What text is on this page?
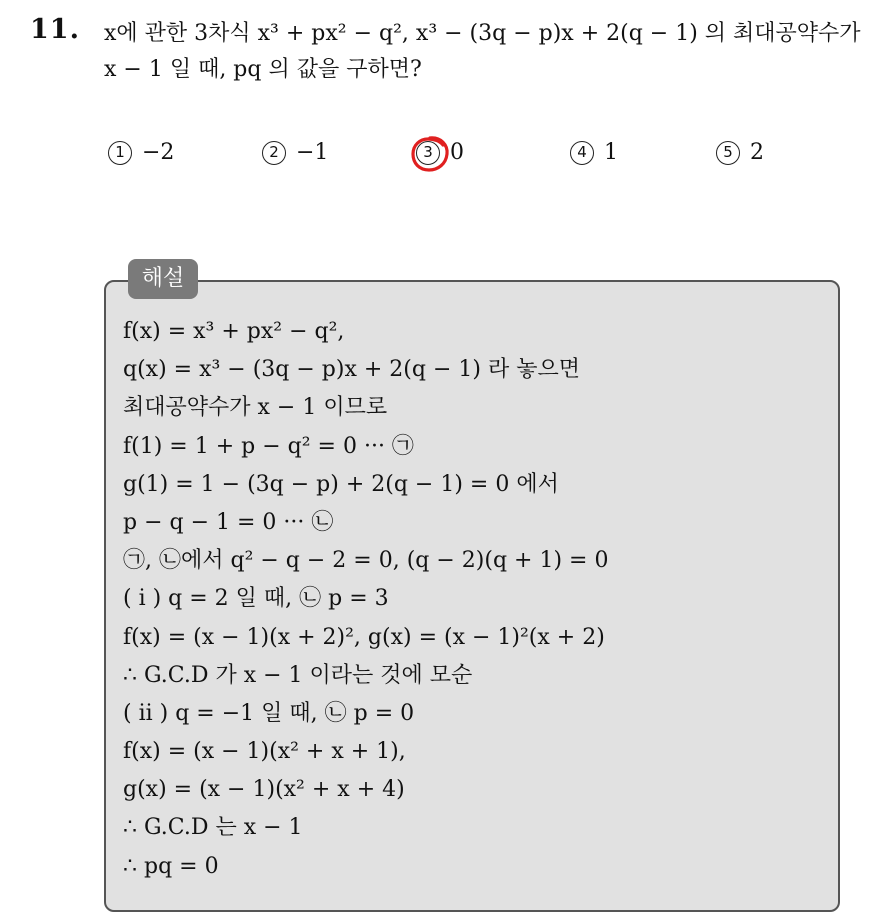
11. x에 관한 3차식 x³ + px² − q², x³ − (3q − p)x + 2(q − 1) 의 최대공약수가
x − 1 일 때, pq 의 값을 구하면?
1 −2	2 −1	3 0	4 1	5 2
해설
f(x) = x³ + px² − q²,
q(x) = x³ − (3q − p)x + 2(q − 1) 라 놓으면
최대공약수가 x − 1 이므로
f(1) = 1 + p − q² = 0 ··· ㉠
g(1) = 1 − (3q − p) + 2(q − 1) = 0 에서
p − q − 1 = 0 ··· ㉡
㉠, ㉡에서 q² − q − 2 = 0, (q − 2)(q + 1) = 0
( i ) q = 2 일 때, ㉡ p = 3
f(x) = (x − 1)(x + 2)², g(x) = (x − 1)²(x + 2)
∴ G.C.D 가 x − 1 이라는 것에 모순
( ii ) q = −1 일 때, ㉡ p = 0
f(x) = (x − 1)(x² + x + 1),
g(x) = (x − 1)(x² + x + 4)
∴ G.C.D 는 x − 1
∴ pq = 0
